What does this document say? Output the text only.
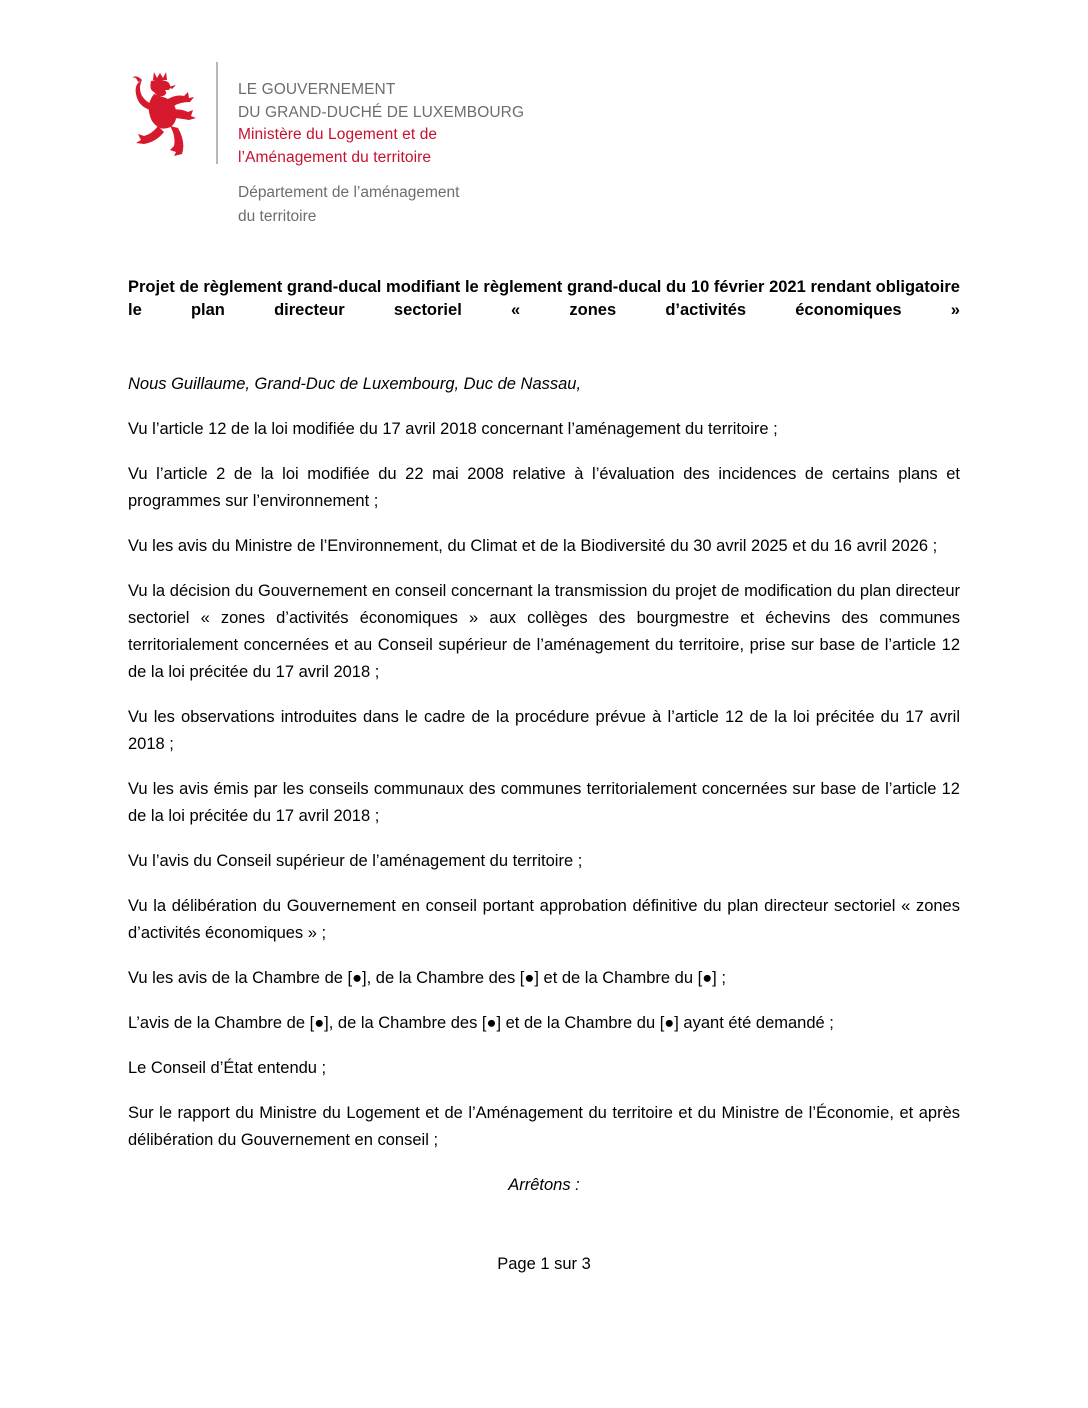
LE GOUVERNEMENT
DU GRAND-DUCHÉ DE LUXEMBOURG
Ministère du Logement et de
l’Aménagement du territoire
Département de l’aménagement
du territoire
Projet de règlement grand-ducal modifiant le règlement grand-ducal du 10 février 2021 rendant obligatoire le plan directeur sectoriel « zones d’activités économiques »

Nous Guillaume, Grand-Duc de Luxembourg, Duc de Nassau,

Vu l’article 12 de la loi modifiée du 17 avril 2018 concernant l’aménagement du territoire ;

Vu l’article 2 de la loi modifiée du 22 mai 2008 relative à l’évaluation des incidences de certains plans et programmes sur l’environnement ;

Vu les avis du Ministre de l’Environnement, du Climat et de la Biodiversité du 30 avril 2025 et du 16 avril 2026 ;

Vu la décision du Gouvernement en conseil concernant la transmission du projet de modification du plan directeur sectoriel « zones d’activités économiques » aux collèges des bourgmestre et échevins des communes territorialement concernées et au Conseil supérieur de l’aménagement du territoire, prise sur base de l’article 12 de la loi précitée du 17 avril 2018 ;

Vu les observations introduites dans le cadre de la procédure prévue à l’article 12 de la loi précitée du 17 avril 2018 ;

Vu les avis émis par les conseils communaux des communes territorialement concernées sur base de l’article 12 de la loi précitée du 17 avril 2018 ;

Vu l’avis du Conseil supérieur de l’aménagement du territoire ;

Vu la délibération du Gouvernement en conseil portant approbation définitive du plan directeur sectoriel « zones d’activités économiques » ;

Vu les avis de la Chambre de [●], de la Chambre des [●] et de la Chambre du [●] ;

L’avis de la Chambre de [●], de la Chambre des [●] et de la Chambre du [●] ayant été demandé ;

Le Conseil d’État entendu ;

Sur le rapport du Ministre du Logement et de l’Aménagement du territoire et du Ministre de l’Économie, et après délibération du Gouvernement en conseil ;

Arrêtons :

Page 1 sur 3
